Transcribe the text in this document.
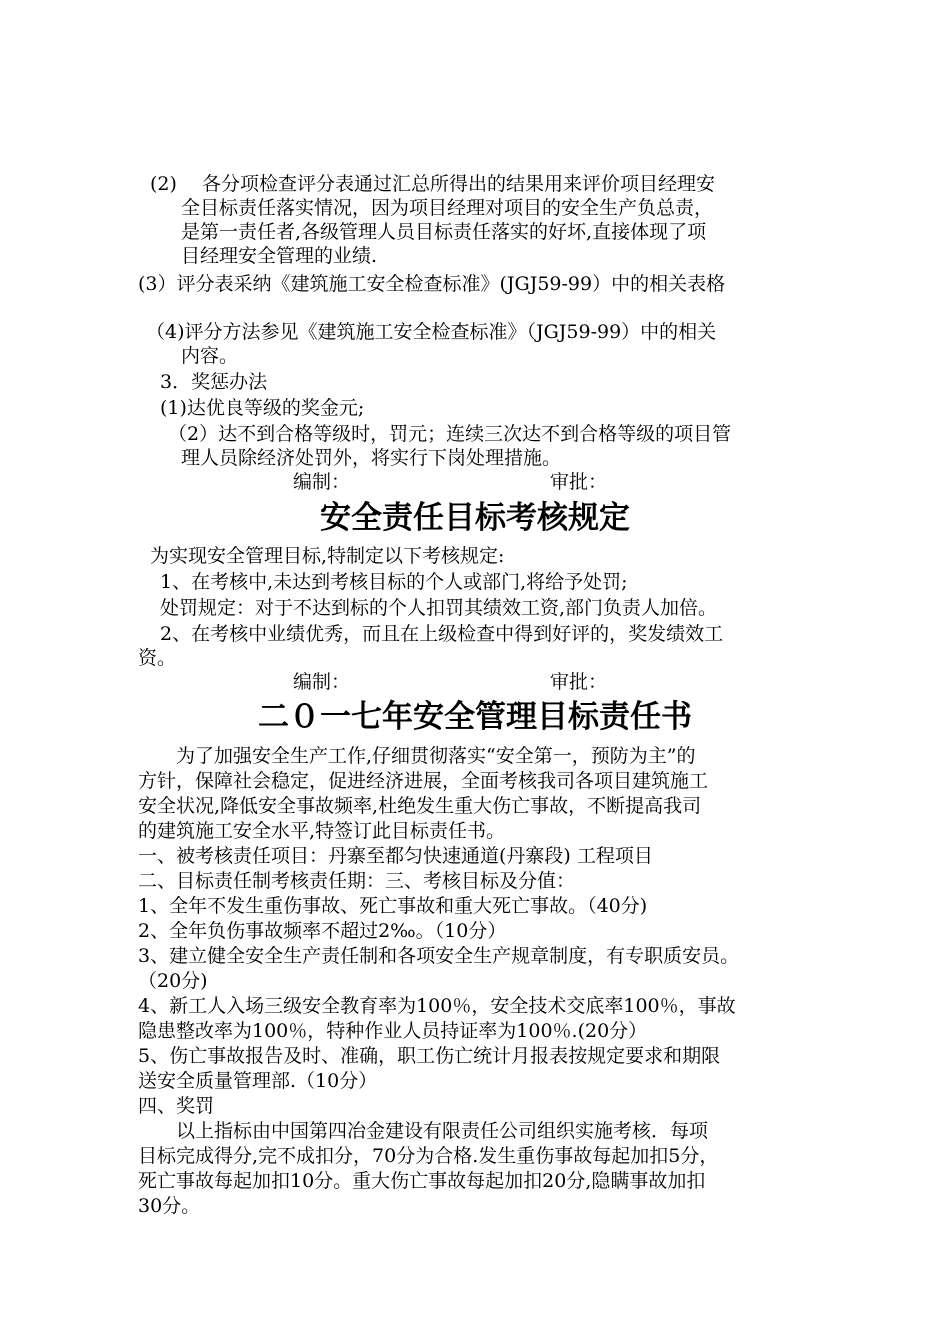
(2)　 各分项检查评分表通过汇总所得出的结果用来评价项目经理安
全目标责任落实情况，因为项目经理对项目的安全生产负总责，
是第一责任者,各级管理人员目标责任落实的好坏,直接体现了项
目经理安全管理的业绩.
(3）评分表采纳《建筑施工安全检查标准》(JGJ59-99）中的相关表格
（4)评分方法参见《建筑施工安全检查标准》（JGJ59-99）中的相关
内容。
3．奖惩办法
(1)达优良等级的奖金元;
（2）达不到合格等级时，罚元；连续三次达不到合格等级的项目管
理人员除经济处罚外，将实行下岗处理措施。
编制：	审批：
安全责任目标考核规定
为实现安全管理目标,特制定以下考核规定:
1、在考核中,未达到考核目标的个人或部门,将给予处罚;
处罚规定：对于不达到标的个人扣罚其绩效工资,部门负责人加倍。
2、在考核中业绩优秀，而且在上级检查中得到好评的，奖发绩效工
资。
编制：	审批：
二０一七年安全管理目标责任书
为了加强安全生产工作,仔细贯彻落实“安全第一，预防为主”的
方针，保障社会稳定，促进经济进展，全面考核我司各项目建筑施工
安全状况,降低安全事故频率,杜绝发生重大伤亡事故，不断提高我司
的建筑施工安全水平,特签订此目标责任书。
一、被考核责任项目：丹寨至都匀快速通道(丹寨段) 工程项目
二、目标责任制考核责任期：三、考核目标及分值：
1、全年不发生重伤事故、死亡事故和重大死亡事故。（40分)
2、全年负伤事故频率不超过2‰。（10分）
3、建立健全安全生产责任制和各项安全生产规章制度，有专职质安员。
（20分)
4、新工人入场三级安全教育率为100％，安全技术交底率100％，事故
隐患整改率为100％，特种作业人员持证率为100％.(20分）
5、伤亡事故报告及时、准确，职工伤亡统计月报表按规定要求和期限
送安全质量管理部.（10分）
四、奖罚
以上指标由中国第四冶金建设有限责任公司组织实施考核．每项
目标完成得分,完不成扣分，70分为合格.发生重伤事故每起加扣5分，
死亡事故每起加扣10分。重大伤亡事故每起加扣20分,隐瞒事故加扣
30分。
